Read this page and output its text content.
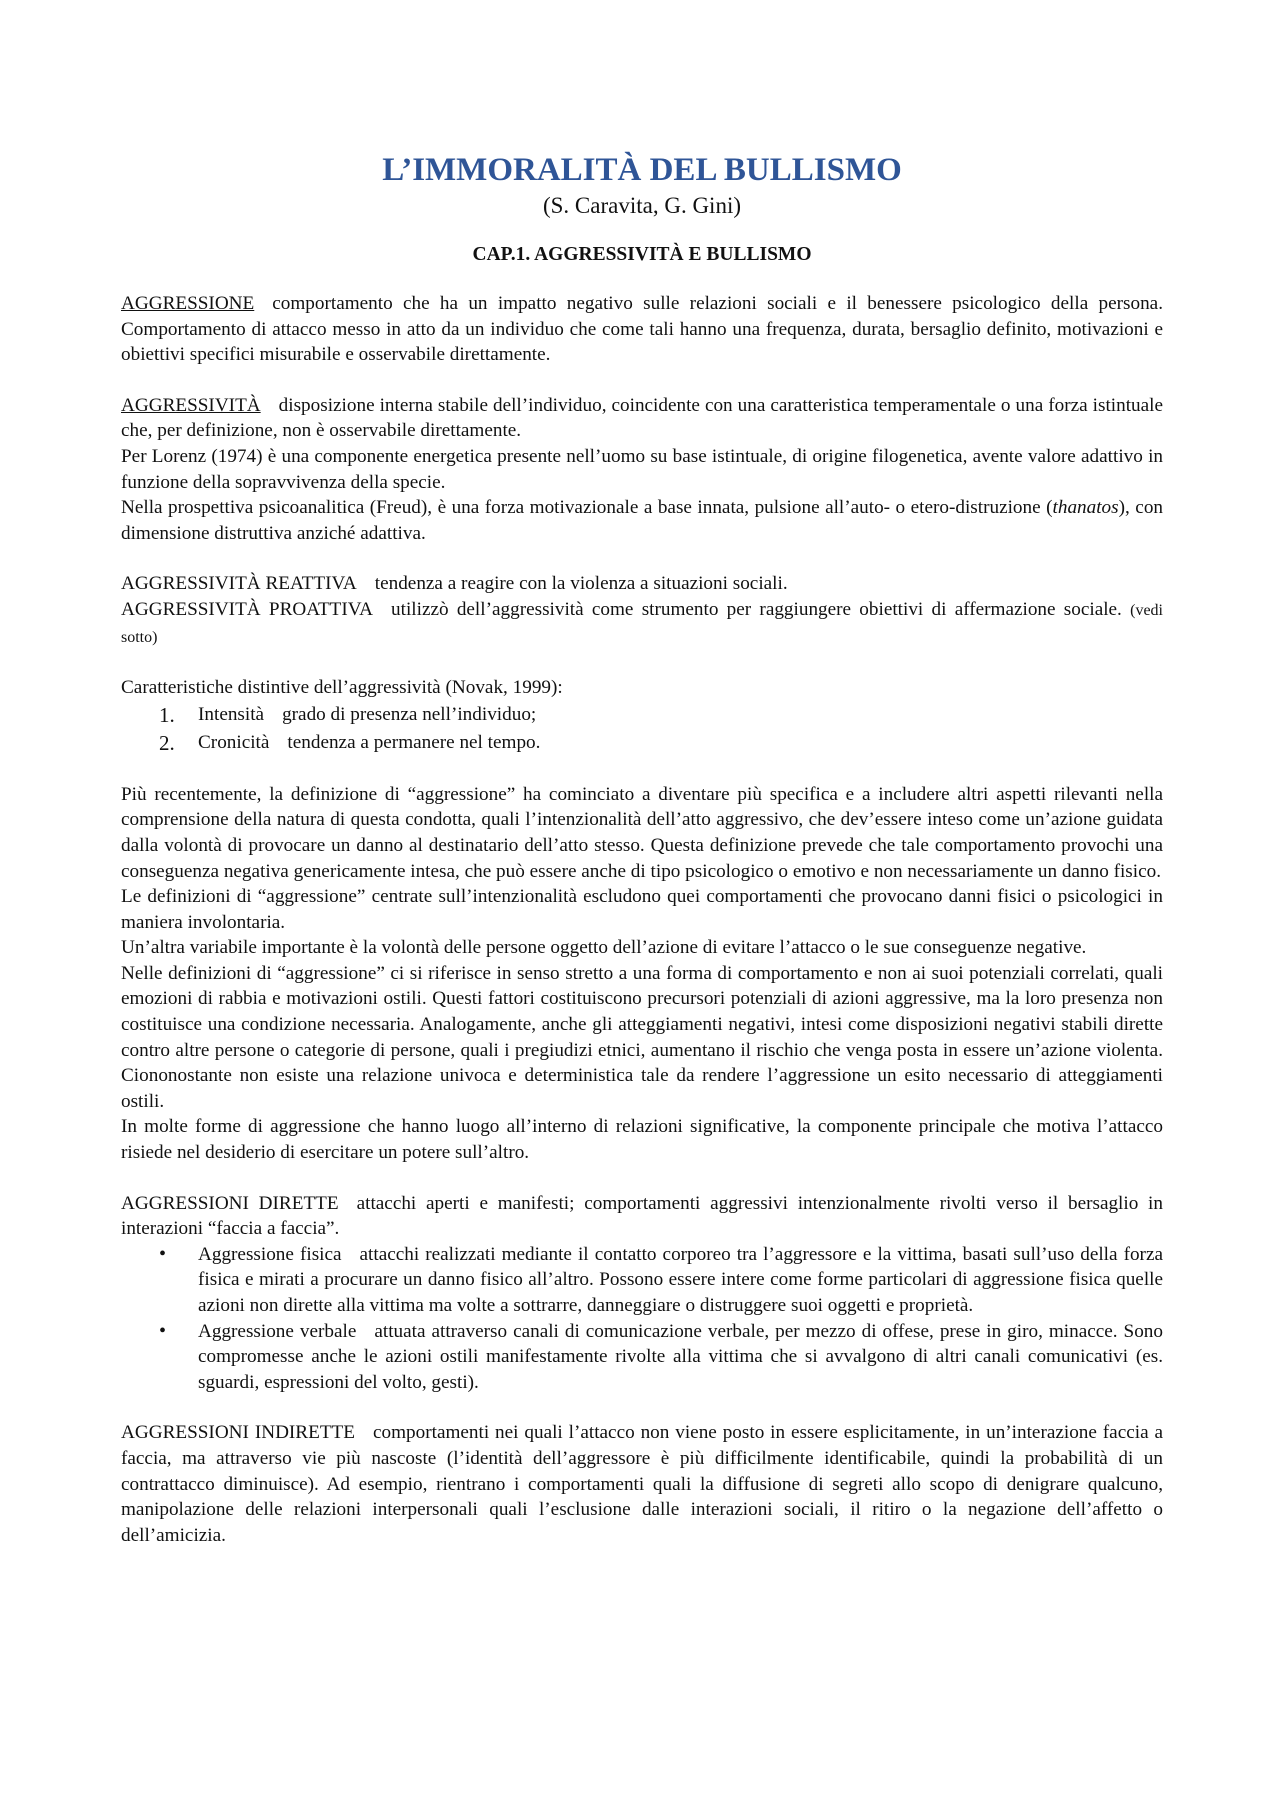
L’IMMORALITÀ DEL BULLISMO
(S. Caravita, G. Gini)
CAP.1. AGGRESSIVITÀ E BULLISMO

AGGRESSIONE comportamento che ha un impatto negativo sulle relazioni sociali e il benessere psicologico della persona. Comportamento di attacco messo in atto da un individuo che come tali hanno una frequenza, durata, bersaglio definito, motivazioni e obiettivi specifici misurabile e osservabile direttamente.

AGGRESSIVITÀ disposizione interna stabile dell’individuo, coincidente con una caratteristica temperamentale o una forza istintuale che, per definizione, non è osservabile direttamente.

Per Lorenz (1974) è una componente energetica presente nell’uomo su base istintuale, di origine filogenetica, avente valore adattivo in funzione della sopravvivenza della specie.

Nella prospettiva psicoanalitica (Freud), è una forza motivazionale a base innata, pulsione all’auto- o etero-distruzione (thanatos), con dimensione distruttiva anziché adattiva.

AGGRESSIVITÀ REATTIVA tendenza a reagire con la violenza a situazioni sociali.

AGGRESSIVITÀ PROATTIVA utilizzò dell’aggressività come strumento per raggiungere obiettivi di affermazione sociale. (vedi sotto)

Caratteristiche distintive dell’aggressività (Novak, 1999):

1. Intensità grado di presenza nell’individuo;
2. Cronicità tendenza a permanere nel tempo.

Più recentemente, la definizione di “aggressione” ha cominciato a diventare più specifica e a includere altri aspetti rilevanti nella comprensione della natura di questa condotta, quali l’intenzionalità dell’atto aggressivo, che dev’essere inteso come un’azione guidata dalla volontà di provocare un danno al destinatario dell’atto stesso. Questa definizione prevede che tale comportamento provochi una conseguenza negativa genericamente intesa, che può essere anche di tipo psicologico o emotivo e non necessariamente un danno fisico.

Le definizioni di “aggressione” centrate sull’intenzionalità escludono quei comportamenti che provocano danni fisici o psicologici in maniera involontaria.

Un’altra variabile importante è la volontà delle persone oggetto dell’azione di evitare l’attacco o le sue conseguenze negative.

Nelle definizioni di “aggressione” ci si riferisce in senso stretto a una forma di comportamento e non ai suoi potenziali correlati, quali emozioni di rabbia e motivazioni ostili. Questi fattori costituiscono precursori potenziali di azioni aggressive, ma la loro presenza non costituisce una condizione necessaria. Analogamente, anche gli atteggiamenti negativi, intesi come disposizioni negativi stabili dirette contro altre persone o categorie di persone, quali i pregiudizi etnici, aumentano il rischio che venga posta in essere un’azione violenta. Ciononostante non esiste una relazione univoca e deterministica tale da rendere l’aggressione un esito necessario di atteggiamenti ostili.

In molte forme di aggressione che hanno luogo all’interno di relazioni significative, la componente principale che motiva l’attacco risiede nel desiderio di esercitare un potere sull’altro.

AGGRESSIONI DIRETTE attacchi aperti e manifesti; comportamenti aggressivi intenzionalmente rivolti verso il bersaglio in interazioni “faccia a faccia”.

• Aggressione fisica attacchi realizzati mediante il contatto corporeo tra l’aggressore e la vittima, basati sull’uso della forza fisica e mirati a procurare un danno fisico all’altro. Possono essere intere come forme particolari di aggressione fisica quelle azioni non dirette alla vittima ma volte a sottrarre, danneggiare o distruggere suoi oggetti e proprietà.
• Aggressione verbale attuata attraverso canali di comunicazione verbale, per mezzo di offese, prese in giro, minacce. Sono compromesse anche le azioni ostili manifestamente rivolte alla vittima che si avvalgono di altri canali comunicativi (es. sguardi, espressioni del volto, gesti).

AGGRESSIONI INDIRETTE comportamenti nei quali l’attacco non viene posto in essere esplicitamente, in un’interazione faccia a faccia, ma attraverso vie più nascoste (l’identità dell’aggressore è più difficilmente identificabile, quindi la probabilità di un contrattacco diminuisce). Ad esempio, rientrano i comportamenti quali la diffusione di segreti allo scopo di denigrare qualcuno, manipolazione delle relazioni interpersonali quali l’esclusione dalle interazioni sociali, il ritiro o la negazione dell’affetto o dell’amicizia.
